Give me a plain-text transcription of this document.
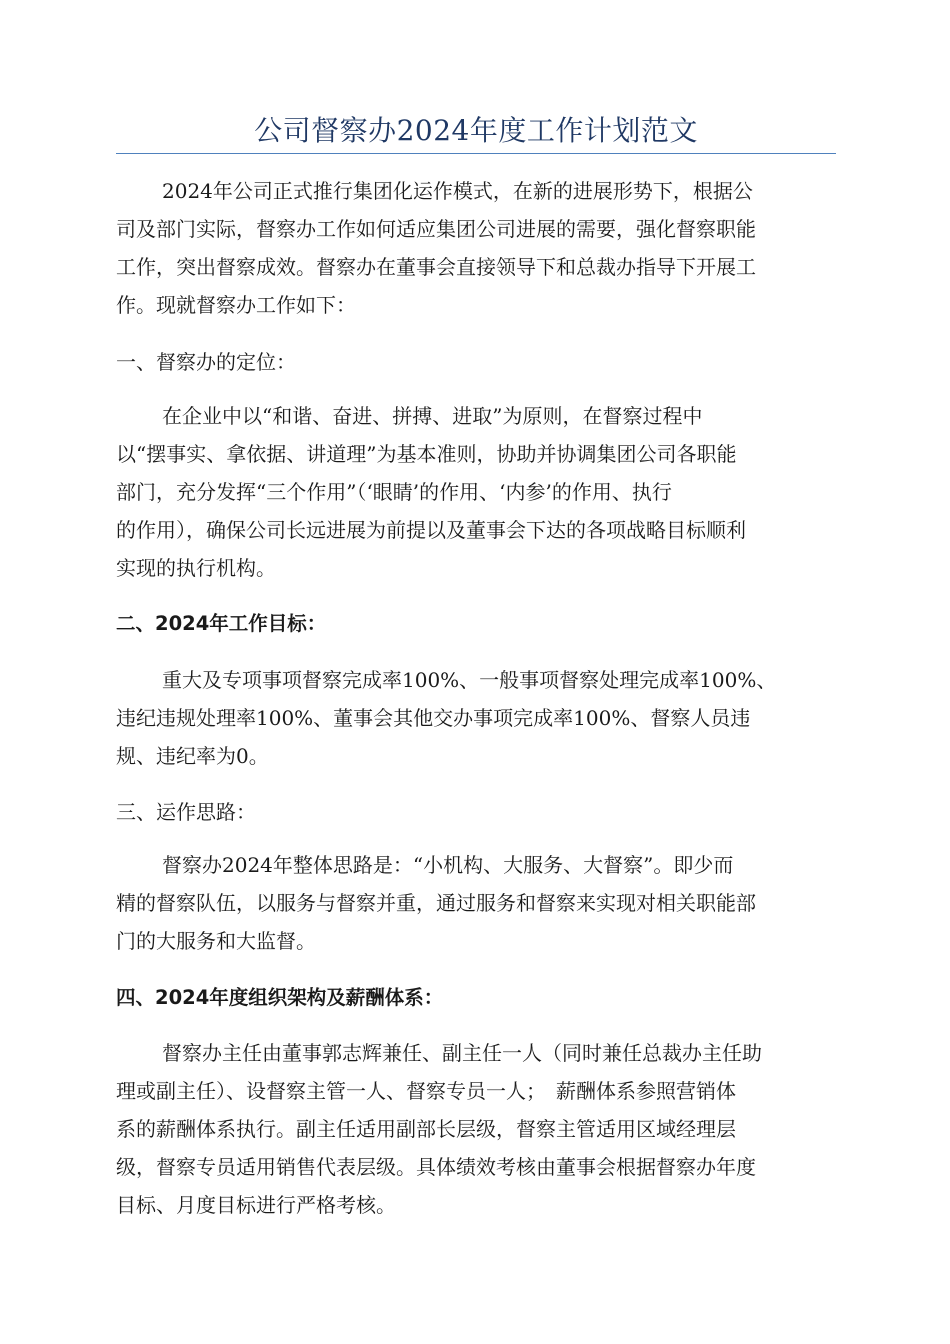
公司督察办2024年度工作计划范文
2024年公司正式推行集团化运作模式，在新的进展形势下，根据公
司及部门实际，督察办工作如何适应集团公司进展的需要，强化督察职能
工作，突出督察成效。督察办在董事会直接领导下和总裁办指导下开展工
作。现就督察办工作如下：
一、督察办的定位：
在企业中以“和谐、奋进、拼搏、进取”为原则，在督察过程中
以“摆事实、拿依据、讲道理”为基本准则，协助并协调集团公司各职能
部门，充分发挥“三个作用”（‘眼睛’的作用、‘内参’的作用、执行
的作用），确保公司长远进展为前提以及董事会下达的各项战略目标顺利
实现的执行机构。
二、2024年工作目标：
重大及专项事项督察完成率100%、一般事项督察处理完成率100%、
违纪违规处理率100%、董事会其他交办事项完成率100%、督察人员违
规、违纪率为0。
三、运作思路：
督察办2024年整体思路是：“小机构、大服务、大督察”。即少而
精的督察队伍，以服务与督察并重，通过服务和督察来实现对相关职能部
门的大服务和大监督。
四、2024年度组织架构及薪酬体系：
督察办主任由董事郭志辉兼任、副主任一人（同时兼任总裁办主任助
理或副主任）、设督察主管一人、督察专员一人；　薪酬体系参照营销体
系的薪酬体系执行。副主任适用副部长层级，督察主管适用区域经理层
级，督察专员适用销售代表层级。具体绩效考核由董事会根据督察办年度
目标、月度目标进行严格考核。
